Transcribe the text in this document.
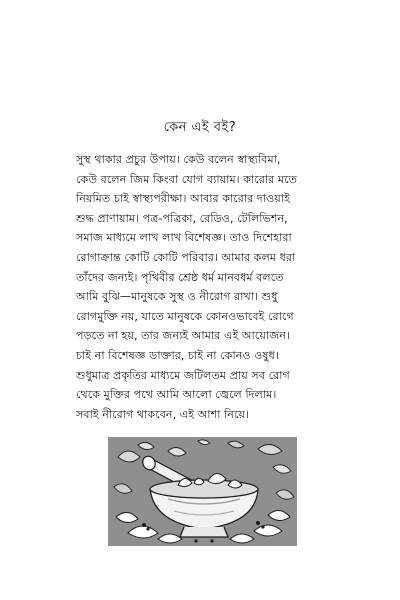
কেন এই বই?
সুস্থ থাকার প্রচুর উপায়। কেউ বলেন স্বাস্থ্যবিমা,
কেউ বলেন জিম কিংবা যোগ ব্যায়াম। কারোর মতে
নিয়মিত চাই স্বাস্থ্যপরীক্ষা। আবার কারোর দাওয়াই
শুদ্ধ প্রাণায়াম। পত্র-পত্রিকা, রেডিও, টেলিভিশন,
সমাজ মাধ্যমে লাখ লাখ বিশেষজ্ঞ। তাও দিশেহারা
রোগাক্রান্ত কোটি কোটি পরিবার। আমার কলম ধরা
তাঁদের জন্যই। পৃথিবীর শ্রেষ্ঠ ধর্ম মানবধর্ম বলতে
আমি বুঝি—মানুষকে সুস্থ ও নীরোগ রাখা। শুধু
রোগমুক্তি নয়, যাতে মানুষকে কোনওভাবেই রোগে
পড়তে না হয়, তার জন্যই আমার এই আয়োজন।
চাই না বিশেষজ্ঞ ডাক্তার, চাই না কোনও ওষুধ।
শুধুমাত্র প্রকৃতির মাধ্যমে জটিলতম প্রায় সব রোগ
থেকে মুক্তির পথে আমি আলো জ্বেলে দিলাম।
সবাই নীরোগ থাকবেন, এই আশা নিয়ে।
